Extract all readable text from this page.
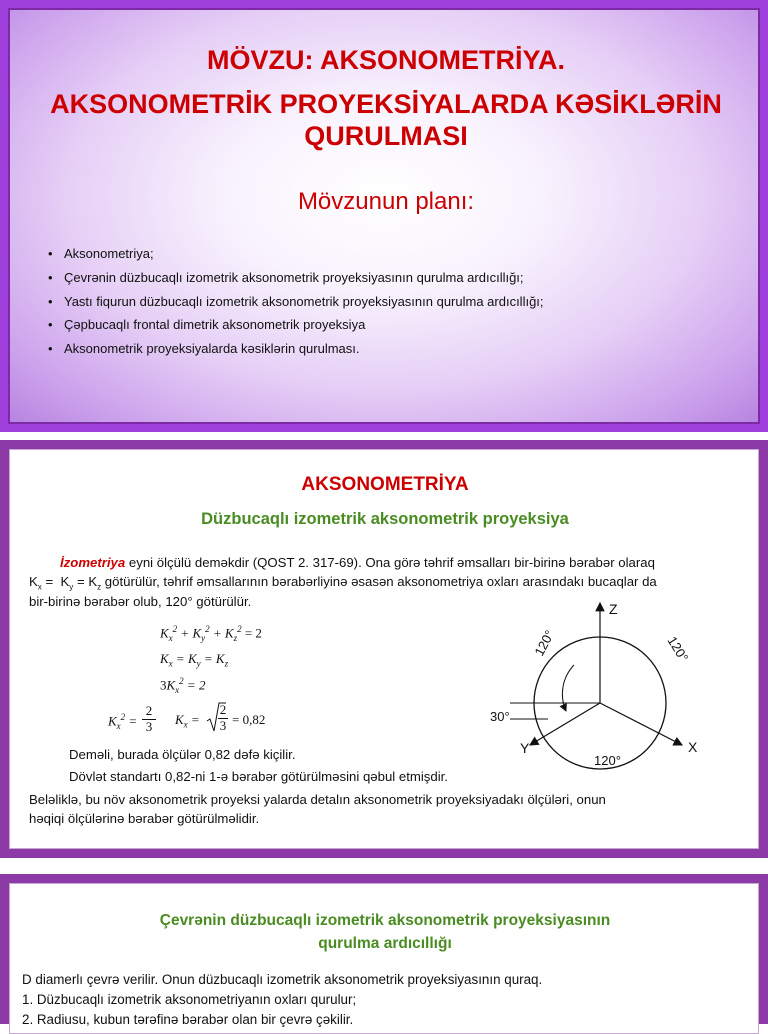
MÖVZU: AKSONOMETRİYA.
AKSONOMETRİK PROYEKSİYALARDA KƏSİKLƏRİN
QURULMASI
Mövzunun planı:
• Aksonometriya;
• Çevrənin düzbucaqlı izometrik aksonometrik proyeksiyasının qurulma ardıcıllığı;
• Yastı fiqurun düzbucaqlı izometrik aksonometrik proyeksiyasının qurulma ardıcıllığı;
• Çəpbucaqlı frontal dimetrik aksonometrik proyeksiya
• Aksonometrik proyeksiyalarda kəsiklərin qurulması.
AKSONOMETRİYA
Düzbucaqlı izometrik aksonometrik proyeksiya
İzometriya eyni ölçülü deməkdir (QOST 2. 317-69). Ona görə təhrif əmsalları bir-birinə bərabər olaraq
$K_x = K_y = K_z$ götürülür, təhrif əmsallarının bərabərliyinə əsasən aksonometriya oxları arasındakı bucaqlar da
bir-birinə bərabər olub, 120° götürülür.
$K_x^2 + K_y^2 + K_z^2 = 2$
$K_x = K_y = K_z$
$3K_x^2 = 2$
$K_x^2$ =
2
3 $K_x$ =
2
3 = 0,82
Deməli, burada ölçülər 0,82 dəfə kiçilir.
Dövlət standartı 0,82-ni 1-ə bərabər götürülməsini qəbul etmişdir.
Beləliklə, bu növ aksonometrik proyeksi yalarda detalın aksonometrik proyeksiyadakı ölçüləri, onun
həqiqi ölçülərinə bərabər götürülməlidir.
Z
X
Y
120°
30°
120°	120°
Çevrənin düzbucaqlı izometrik aksonometrik proyeksiyasının
qurulma ardıcıllığı
D diamerlı çevrə verilir. Onun düzbucaqlı izometrik aksonometrik proyeksiyasının quraq.
1. Düzbucaqlı izometrik aksonometriyanın oxları qurulur;
2. Radiusu, kubun tərəfinə bərabər olan bir çevrə çəkilir.
